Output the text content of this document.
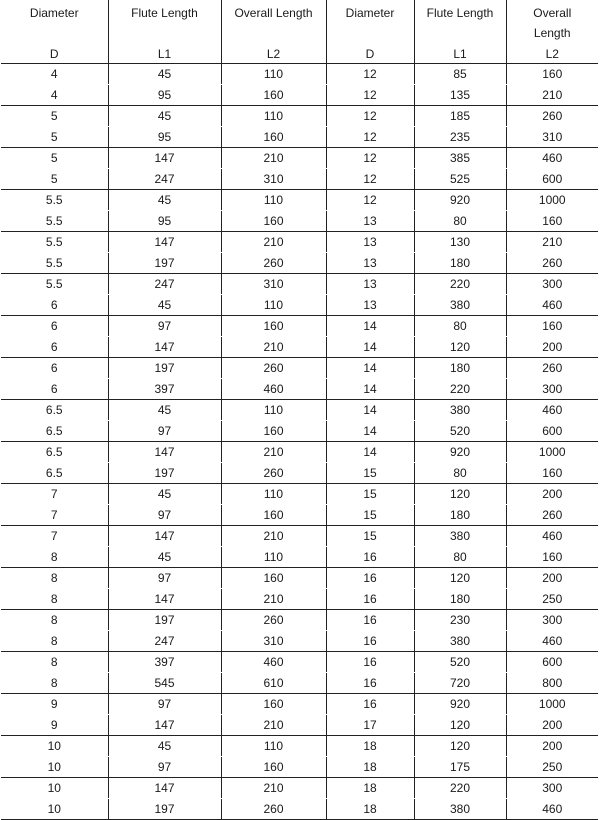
Diameter	Flute Length	Overall Length	Diameter	Flute Length	Overall
Length
D	L1	L2	D	L1	L2
4	45	110	12	85	160
4	95	160	12	135	210
5	45	110	12	185	260
5	95	160	12	235	310
5	147	210	12	385	460
5	247	310	12	525	600
5.5	45	110	12	920	1000
5.5	95	160	13	80	160
5.5	147	210	13	130	210
5.5	197	260	13	180	260
5.5	247	310	13	220	300
6	45	110	13	380	460
6	97	160	14	80	160
6	147	210	14	120	200
6	197	260	14	180	260
6	397	460	14	220	300
6.5	45	110	14	380	460
6.5	97	160	14	520	600
6.5	147	210	14	920	1000
6.5	197	260	15	80	160
7	45	110	15	120	200
7	97	160	15	180	260
7	147	210	15	380	460
8	45	110	16	80	160
8	97	160	16	120	200
8	147	210	16	180	250
8	197	260	16	230	300
8	247	310	16	380	460
8	397	460	16	520	600
8	545	610	16	720	800
9	97	160	16	920	1000
9	147	210	17	120	200
10	45	110	18	120	200
10	97	160	18	175	250
10	147	210	18	220	300
10	197	260	18	380	460
